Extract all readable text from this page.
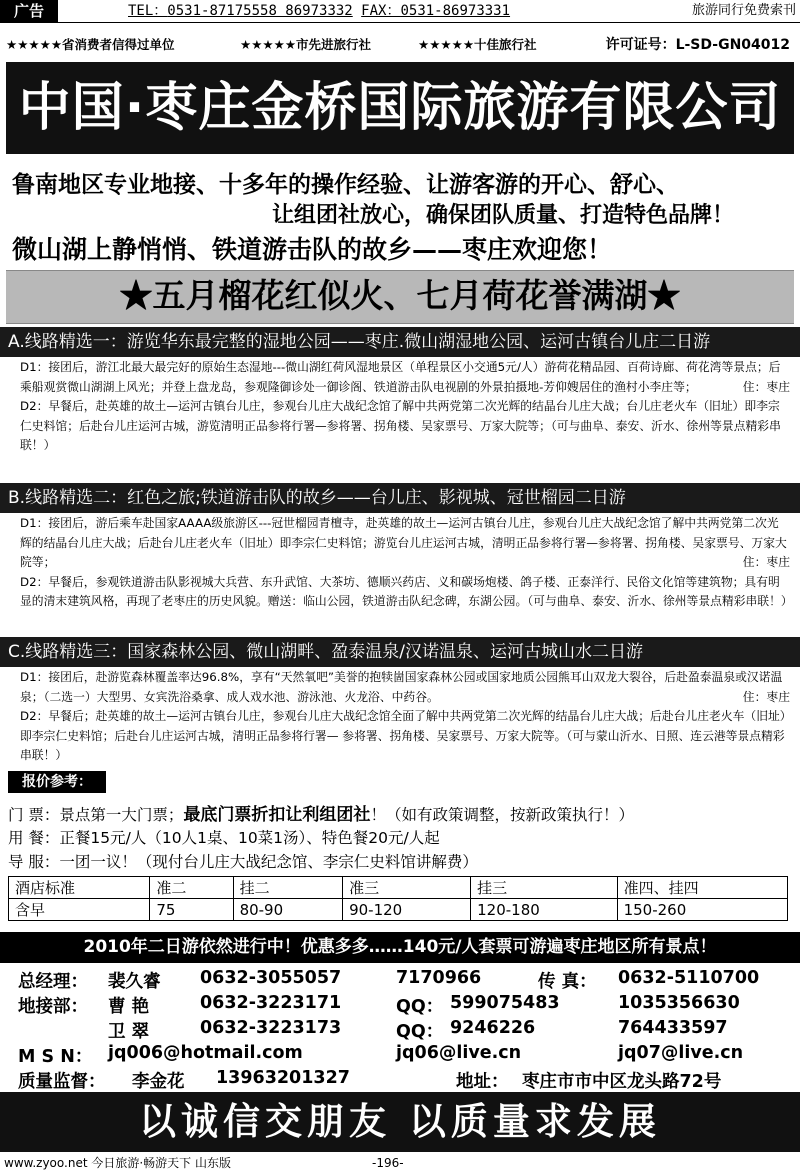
广告	TEL：0531-87175558 86973332 FAX：0531-86973331	旅游同行免费索刊
★★★★★省消费者信得过单位	★★★★★市先进旅行社	★★★★★十佳旅行社	许可证号：L-SD-GN04012
中国·枣庄金桥国际旅游有限公司
鲁南地区专业地接、十多年的操作经验、让游客游的开心、舒心、
让组团社放心，确保团队质量、打造特色品牌！
微山湖上静悄悄、铁道游击队的故乡——枣庄欢迎您！
★五月榴花红似火、七月荷花誉满湖★
A.线路精选一：游览华东最完整的湿地公园——枣庄.微山湖湿地公园、运河古镇台儿庄二日游

D1：接团后，游江北最大最完好的原始生态湿地---微山湖红荷风湿地景区（单程景区小交通5元/人）游荷花精品园、百荷诗廊、荷花湾等景点；后乘船观赏微山湖湖上风光；并登上盘龙岛，参观隆御诊处一御诊阁、铁道游击队电视剧的外景拍摄地-芳仰嫂居住的渔村小李庄等；	住：枣庄

D2：早餐后，赴英雄的故土—运河古镇台儿庄，参观台儿庄大战纪念馆了解中共两党第二次光辉的结晶台儿庄大战；台儿庄老火车（旧址）即李宗仁史料馆；后赴台儿庄运河古城，游览清明正品参将行署—参将署、拐角楼、吴家票号、万家大院等；（可与曲阜、泰安、沂水、徐州等景点精彩串联！）

B.线路精选二：红色之旅;铁道游击队的故乡——台儿庄、影视城、冠世榴园二日游

D1：接团后，游后乘车赴国家AAAA级旅游区---冠世榴园青檀寺，赴英雄的故土—运河古镇台儿庄，参观台儿庄大战纪念馆了解中共两党第二次光辉的结晶台儿庄大战；后赴台儿庄老火车（旧址）即李宗仁史料馆；游览台儿庄运河古城，清明正品参将行署—参将署、拐角楼、吴家票号、万家大院等；	住：枣庄

D2：早餐后，参观铁道游击队影视城大兵营、东升武馆、大茶坊、德顺兴药店、义和碳场炮楼、鸽子楼、正泰洋行、民俗文化馆等建筑物；具有明显的清末建筑风格，再现了老枣庄的历史风貌。赠送：临山公园，铁道游击队纪念碑，东湖公园。（可与曲阜、泰安、沂水、徐州等景点精彩串联！）

C.线路精选三：国家森林公园、微山湖畔、盈泰温泉/汉诺温泉、运河古城山水二日游

D1：接团后，赴游览森林覆盖率达96.8%，享有“天然氧吧”美誉的抱犊崮国家森林公园或国家地质公园熊耳山双龙大裂谷，后赴盈泰温泉或汉诺温泉；（二选一）大型男、女宾洗浴桑拿、成人戏水池、游泳池、火龙浴、中药谷。	住：枣庄

D2：早餐后；赴英雄的故土—运河古镇台儿庄，参观台儿庄大战纪念馆全面了解中共两党第二次光辉的结晶台儿庄大战；后赴台儿庄老火车（旧址）即李宗仁史料馆；后赴台儿庄运河古城，清明正品参将行署— 参将署、拐角楼、吴家票号、万家大院等。（可与蒙山沂水、日照、连云港等景点精彩串联！）

报价参考：
门 票：景点第一大门票；最底门票折扣让利组团社！（如有政策调整，按新政策执行！）
用 餐：正餐15元/人（10人1桌、10菜1汤）、特色餐20元/人起
导 服：一团一议！（现付台儿庄大战纪念馆、李宗仁史料馆讲解费）
酒店标准	准二	挂二	准三	挂三	准四、挂四
含早	75	80-90	90-120	120-180	150-260
2010年二日游依然进行中！优惠多多……140元/人套票可游遍枣庄地区所有景点！
总经理： 裴久睿 0632-3055057	7170966	传 真： 0632-5110700
地接部： 曹 艳	0632-3223171	QQ： 599075483	1035356630
卫 翠	0632-3223173	QQ： 9246226	764433597
M S N： jq006@hotmail.com	jq06@live.cn	jq07@live.cn
质量监督： 李金花 13963201327	地址： 枣庄市市中区龙头路72号
以诚信交朋友 以质量求发展
www.zyoo.net 今日旅游·畅游天下 山东版	-196-
